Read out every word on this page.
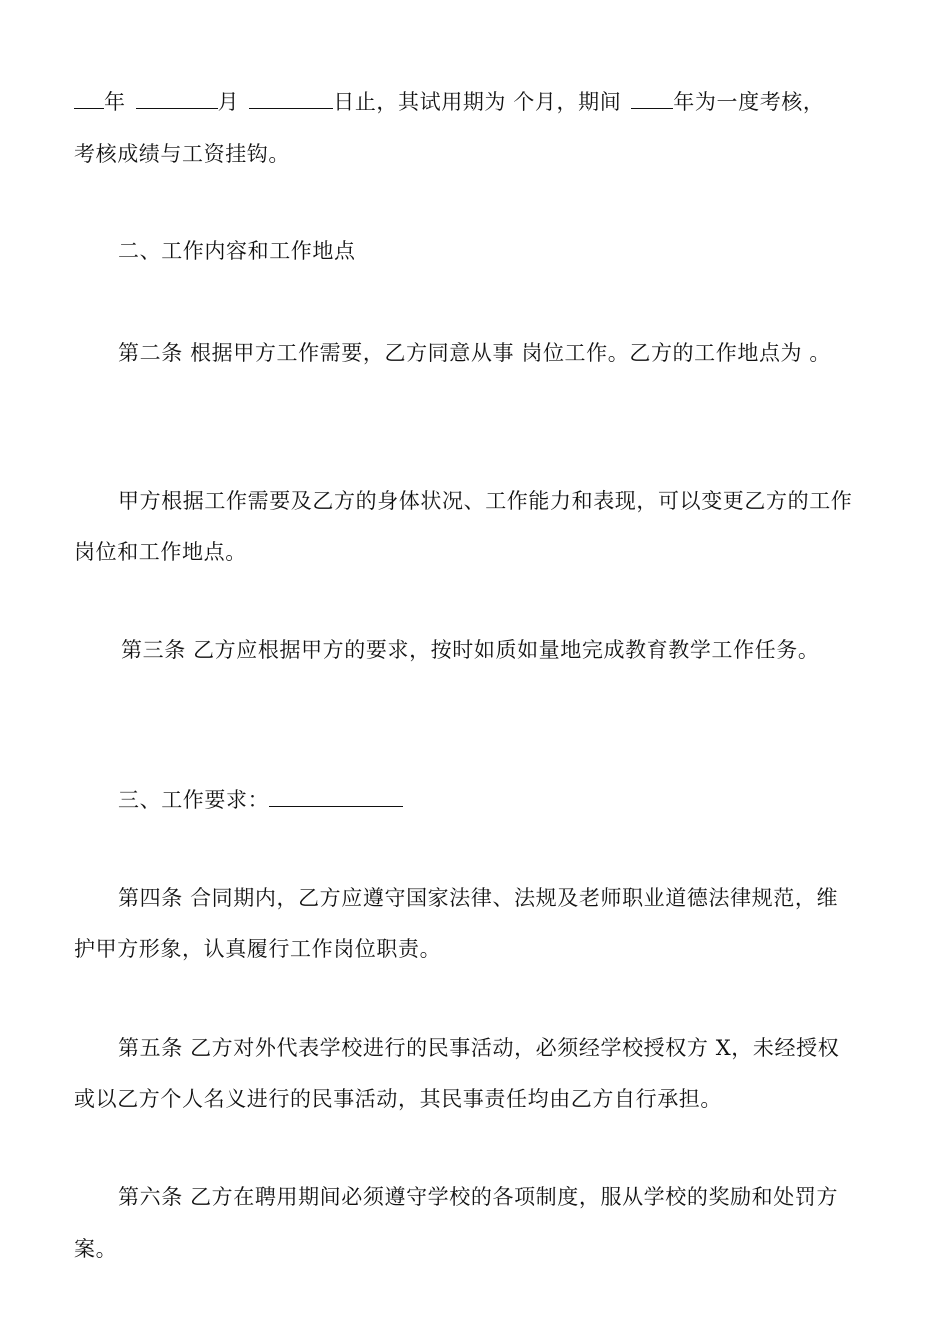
年	月	日止，其试用期为 个月，期间 年为一度考核，
考核成绩与工资挂钩。
二、工作内容和工作地点
第二条 根据甲方工作需要，乙方同意从事 岗位工作。乙方的工作地点为 。
甲方根据工作需要及乙方的身体状况、工作能力和表现，可以变更乙方的工作
岗位和工作地点。
第三条 乙方应根据甲方的要求，按时如质如量地完成教育教学工作任务。
三、工作要求：
第四条 合同期内，乙方应遵守国家法律、法规及老师职业道德法律规范，维
护甲方形象，认真履行工作岗位职责。
第五条 乙方对外代表学校进行的民事活动，必须经学校授权方 X，未经授权
或以乙方个人名义进行的民事活动，其民事责任均由乙方自行承担。
第六条 乙方在聘用期间必须遵守学校的各项制度，服从学校的奖励和处罚方
案。
